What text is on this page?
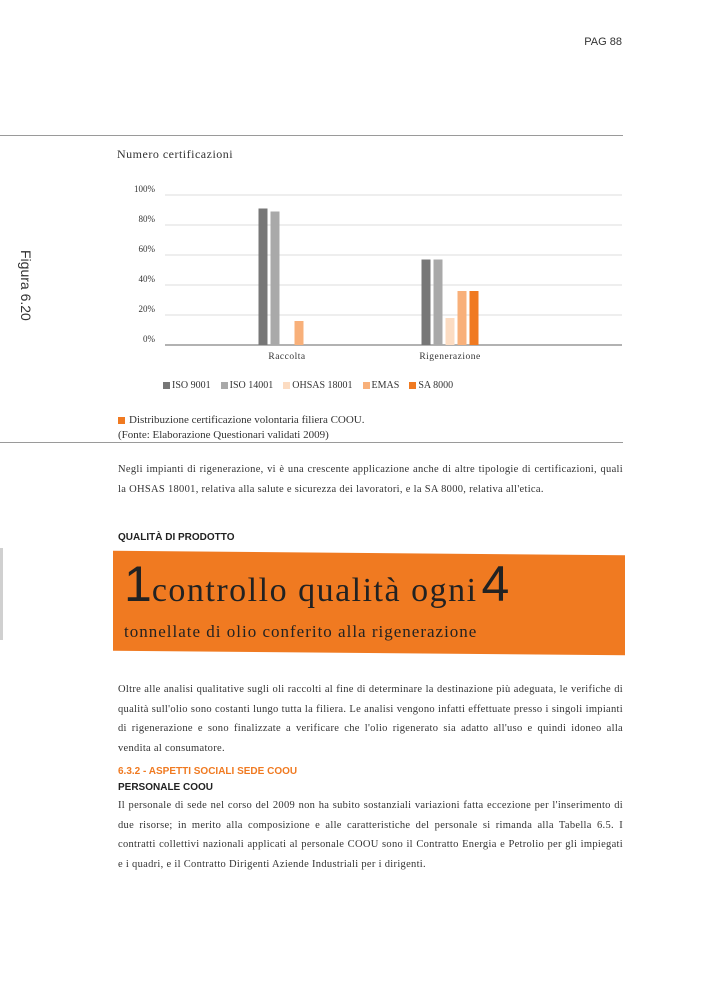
PAG 88
Figura 6.20
Numero certificazioni
0%
20%
40%
60%
80%
100%
Raccolta	Rigenerazione
ISO 9001 ISO 14001 OHSAS 18001 EMAS SA 8000
Distribuzione certificazione volontaria filiera COOU.
(Fonte: Elaborazione Questionari validati 2009)
Negli impianti di rigenerazione, vi è una crescente applicazione anche di altre tipologie di certificazioni, quali la OHSAS 18001, relativa alla salute e sicurezza dei lavoratori, e la SA 8000, relativa all'etica.
QUALITÀ DI PRODOTTO
1controllo qualità ogni 4
tonnellate di olio conferito alla rigenerazione
Oltre alle analisi qualitative sugli oli raccolti al fine di determinare la destinazione più adeguata, le verifiche di qualità sull'olio sono costanti lungo tutta la filiera. Le analisi vengono infatti effettuate presso i singoli impianti di rigenerazione e sono finalizzate a verificare che l'olio rigenerato sia adatto all'uso e quindi idoneo alla vendita al consumatore.
6.3.2 - ASPETTI SOCIALI SEDE COOU
PERSONALE COOU
Il personale di sede nel corso del 2009 non ha subito sostanziali variazioni fatta eccezione per l'inserimento di due risorse; in merito alla composizione e alle caratteristiche del personale si rimanda alla Tabella 6.5. I contratti collettivi nazionali applicati al personale COOU sono il Contratto Energia e Petrolio per gli impiegati e i quadri, e il Contratto Dirigenti Aziende Industriali per i dirigenti.
